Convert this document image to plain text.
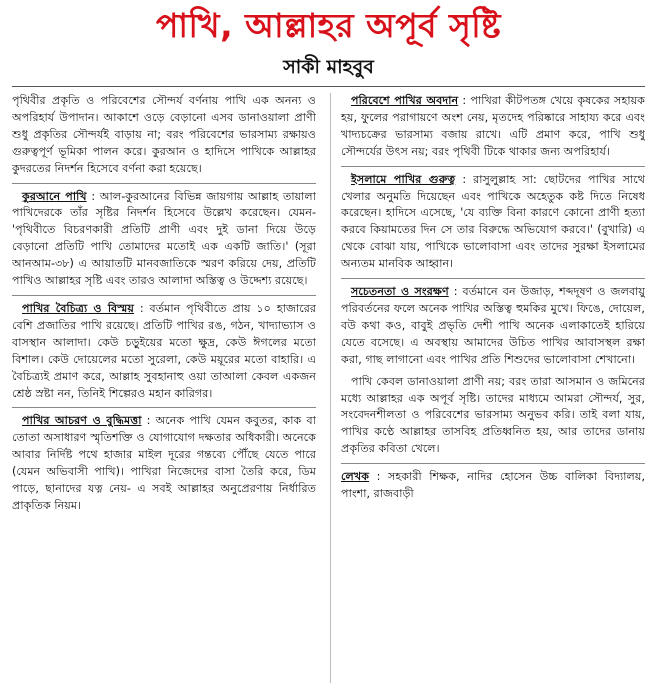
পাখি, আল্লাহর অপূর্ব সৃষ্টি
সাকী মাহবুব

পৃথিবীর প্রকৃতি ও পরিবেশের সৌন্দর্য বর্ণনায় পাখি এক অনন্য ও অপরিহার্য উপাদান। আকাশে ওড়ে বেড়ানো এসব ডানাওয়ালা প্রাণী শুধু প্রকৃতির সৌন্দর্যই বাড়ায় না; বরং পরিবেশের ভারসাম্য রক্ষায়ও গুরুত্বপূর্ণ ভূমিকা পালন করে। কুরআন ও হাদিসে পাখিকে আল্লাহর কুদরতের নিদর্শন হিসেবে বর্ণনা করা হয়েছে।

কুরআনে পাখি : আল-কুরআনের বিভিন্ন জায়গায় আল্লাহ তায়ালা পাখিদেরকে তাঁর সৃষ্টির নিদর্শন হিসেবে উল্লেখ করেছেন। যেমন-'পৃথিবীতে বিচরণকারী প্রতিটি প্রাণী এবং দুই ডানা দিয়ে উড়ে বেড়ানো প্রতিটি পাখি তোমাদের মতোই এক একটি জাতি।' (সূরা আনআম-৩৮) এ আয়াতটি মানবজাতিকে স্মরণ করিয়ে দেয়, প্রতিটি পাখিও আল্লাহর সৃষ্টি এবং তারও আলাদা অস্তিত্ব ও উদ্দেশ্য রয়েছে।

পাখির বৈচিত্র্য ও বিস্ময় : বর্তমান পৃথিবীতে প্রায় ১০ হাজারের বেশি প্রজাতির পাখি রয়েছে। প্রতিটি পাখির রঙ, গঠন, খাদ্যাভ্যাস ও বাসস্থান আলাদা। কেউ চড়ুইয়ের মতো ক্ষুদ্র, কেউ ঈগলের মতো বিশাল। কেউ দোয়েলের মতো সুরেলা, কেউ ময়ূরের মতো বাহারি। এ বৈচিত্র্যই প্রমাণ করে, আল্লাহ সুবহানাহু ওয়া তাআলা কেবল একজন শ্রেষ্ঠ স্রষ্টা নন, তিনিই শিল্পেরও মহান কারিগর।

পাখির আচরণ ও বুদ্ধিমত্তা : অনেক পাখি যেমন কবুতর, কাক বা তোতা অসাধারণ স্মৃতিশক্তি ও যোগাযোগ দক্ষতার অধিকারী। অনেকে আবার নির্দিষ্ট পথে হাজার মাইল দূরের গন্তব্যে পৌঁছে যেতে পারে (যেমন অভিবাসী পাখি)। পাখিরা নিজেদের বাসা তৈরি করে, ডিম পাড়ে, ছানাদের যত্ন নেয়- এ সবই আল্লাহর অনুপ্রেরণায় নির্ধারিত প্রাকৃতিক নিয়ম।

পরিবেশে পাখির অবদান : পাখিরা কীটপতঙ্গ খেয়ে কৃষকের সহায়ক হয়, ফুলের পরাগায়ণে অংশ নেয়, মৃতদেহ পরিষ্কারে সাহায্য করে এবং খাদ্যচক্রের ভারসাম্য বজায় রাখে। এটি প্রমাণ করে, পাখি শুধু সৌন্দর্যের উৎস নয়; বরং পৃথিবী টিকে থাকার জন্য অপরিহার্য।

ইসলামে পাখির গুরুত্ব : রাসুলুল্লাহ সা: ছোটদের পাখির সাথে খেলার অনুমতি দিয়েছেন এবং পাখিকে অহেতুক কষ্ট দিতে নিষেধ করেছেন। হাদিসে এসেছে, 'যে ব্যক্তি বিনা কারণে কোনো প্রাণী হত্যা করবে কিয়ামতের দিন সে তার বিরুদ্ধে অভিযোগ করবে।' (বুখারি) এ থেকে বোঝা যায়, পাখিকে ভালোবাসা এবং তাদের সুরক্ষা ইসলামের অন্যতম মানবিক আহ্বান।

সচেতনতা ও সংরক্ষণ : বর্তমানে বন উজাড়, শব্দদূষণ ও জলবায়ু পরিবর্তনের ফলে অনেক পাখির অস্তিত্ব হুমকির মুখে। ফিঙে, দোয়েল, বউ কথা কও, বাবুই প্রভৃতি দেশী পাখি অনেক এলাকাতেই হারিয়ে যেতে বসেছে। এ অবস্থায় আমাদের উচিত পাখির আবাসস্থল রক্ষা করা, গাছ লাগানো এবং পাখির প্রতি শিশুদের ভালোবাসা শেখানো।

পাখি কেবল ডানাওয়ালা প্রাণী নয়; বরং তারা আসমান ও জমিনের মধ্যে আল্লাহর এক অপূর্ব সৃষ্টি। তাদের মাধ্যমে আমরা সৌন্দর্য, সুর, সংবেদনশীলতা ও পরিবেশের ভারসাম্য অনুভব করি। তাই বলা যায়, পাখির কণ্ঠে আল্লাহর তাসবিহ প্রতিধ্বনিত হয়, আর তাদের ডানায় প্রকৃতির কবিতা খেলে।

লেখক : সহকারী শিক্ষক, নাদির হোসেন উচ্চ বালিকা বিদ্যালয়, পাংশা, রাজবাড়ী
